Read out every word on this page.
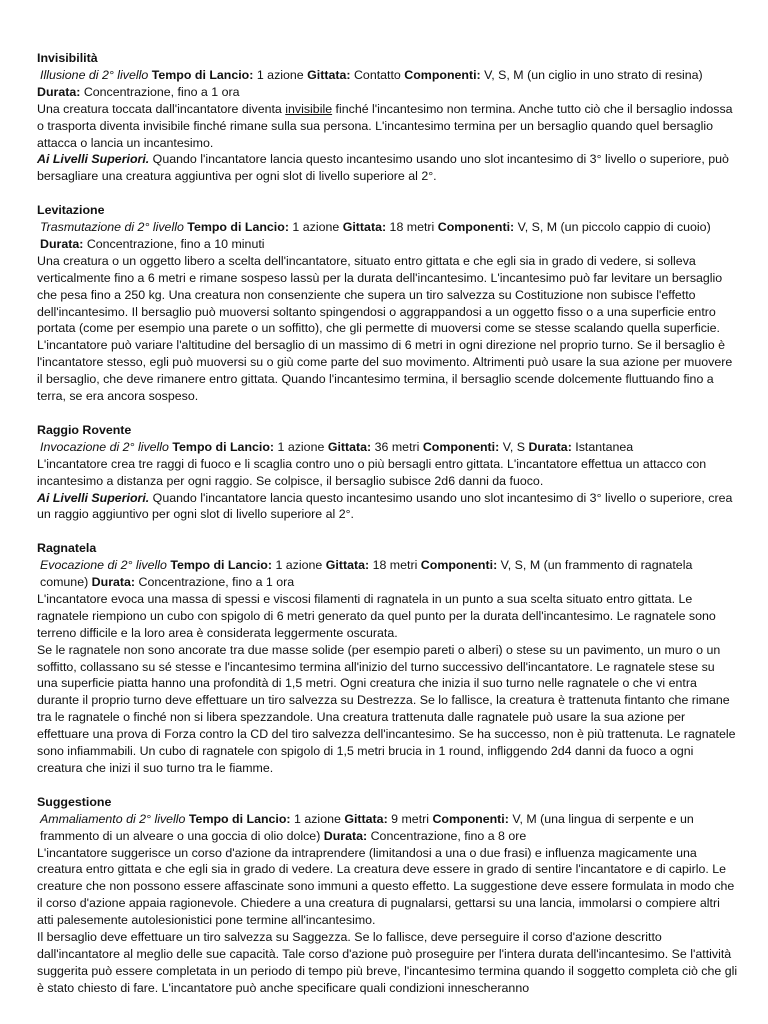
Invisibilità
Illusione di 2° livello Tempo di Lancio: 1 azione Gittata: Contatto Componenti: V, S, M (un ciglio in uno strato di resina)
Durata: Concentrazione, fino a 1 ora
Una creatura toccata dall'incantatore diventa invisibile finché l'incantesimo non termina. Anche tutto ciò che il bersaglio indossa o trasporta diventa invisibile finché rimane sulla sua persona. L'incantesimo termina per un bersaglio quando quel bersaglio attacca o lancia un incantesimo.
Ai Livelli Superiori. Quando l'incantatore lancia questo incantesimo usando uno slot incantesimo di 3° livello o superiore, può bersagliare una creatura aggiuntiva per ogni slot di livello superiore al 2°.
Levitazione
Trasmutazione di 2° livello Tempo di Lancio: 1 azione Gittata: 18 metri Componenti: V, S, M (un piccolo cappio di cuoio)
Durata: Concentrazione, fino a 10 minuti
Una creatura o un oggetto libero a scelta dell'incantatore, situato entro gittata e che egli sia in grado di vedere, si solleva verticalmente fino a 6 metri e rimane sospeso lassù per la durata dell'incantesimo. L'incantesimo può far levitare un bersaglio che pesa fino a 250 kg. Una creatura non consenziente che supera un tiro salvezza su Costituzione non subisce l'effetto dell'incantesimo. Il bersaglio può muoversi soltanto spingendosi o aggrappandosi a un oggetto fisso o a una superficie entro portata (come per esempio una parete o un soffitto), che gli permette di muoversi come se stesse scalando quella superficie. L'incantatore può variare l'altitudine del bersaglio di un massimo di 6 metri in ogni direzione nel proprio turno. Se il bersaglio è l'incantatore stesso, egli può muoversi su o giù come parte del suo movimento. Altrimenti può usare la sua azione per muovere il bersaglio, che deve rimanere entro gittata. Quando l'incantesimo termina, il bersaglio scende dolcemente fluttuando fino a terra, se era ancora sospeso.
Raggio Rovente
Invocazione di 2° livello Tempo di Lancio: 1 azione Gittata: 36 metri Componenti: V, S Durata: Istantanea
L'incantatore crea tre raggi di fuoco e li scaglia contro uno o più bersagli entro gittata. L'incantatore effettua un attacco con incantesimo a distanza per ogni raggio. Se colpisce, il bersaglio subisce 2d6 danni da fuoco.
Ai Livelli Superiori. Quando l'incantatore lancia questo incantesimo usando uno slot incantesimo di 3° livello o superiore, crea un raggio aggiuntivo per ogni slot di livello superiore al 2°.
Ragnatela
Evocazione di 2° livello Tempo di Lancio: 1 azione Gittata: 18 metri Componenti: V, S, M (un frammento di ragnatela comune) Durata: Concentrazione, fino a 1 ora
L'incantatore evoca una massa di spessi e viscosi filamenti di ragnatela in un punto a sua scelta situato entro gittata. Le ragnatele riempiono un cubo con spigolo di 6 metri generato da quel punto per la durata dell'incantesimo. Le ragnatele sono terreno difficile e la loro area è considerata leggermente oscurata.
Se le ragnatele non sono ancorate tra due masse solide (per esempio pareti o alberi) o stese su un pavimento, un muro o un soffitto, collassano su sé stesse e l'incantesimo termina all'inizio del turno successivo dell'incantatore. Le ragnatele stese su una superficie piatta hanno una profondità di 1,5 metri. Ogni creatura che inizia il suo turno nelle ragnatele o che vi entra durante il proprio turno deve effettuare un tiro salvezza su Destrezza. Se lo fallisce, la creatura è trattenuta fintanto che rimane tra le ragnatele o finché non si libera spezzandole. Una creatura trattenuta dalle ragnatele può usare la sua azione per effettuare una prova di Forza contro la CD del tiro salvezza dell'incantesimo. Se ha successo, non è più trattenuta. Le ragnatele sono infiammabili. Un cubo di ragnatele con spigolo di 1,5 metri brucia in 1 round, infliggendo 2d4 danni da fuoco a ogni creatura che inizi il suo turno tra le fiamme.
Suggestione
Ammaliamento di 2° livello Tempo di Lancio: 1 azione Gittata: 9 metri Componenti: V, M (una lingua di serpente e un frammento di un alveare o una goccia di olio dolce) Durata: Concentrazione, fino a 8 ore
L'incantatore suggerisce un corso d'azione da intraprendere (limitandosi a una o due frasi) e influenza magicamente una creatura entro gittata e che egli sia in grado di vedere. La creatura deve essere in grado di sentire l'incantatore e di capirlo. Le creature che non possono essere affascinate sono immuni a questo effetto. La suggestione deve essere formulata in modo che il corso d'azione appaia ragionevole. Chiedere a una creatura di pugnalarsi, gettarsi su una lancia, immolarsi o compiere altri atti palesemente autolesionistici pone termine all'incantesimo.
Il bersaglio deve effettuare un tiro salvezza su Saggezza. Se lo fallisce, deve perseguire il corso d'azione descritto dall'incantatore al meglio delle sue capacità. Tale corso d'azione può proseguire per l'intera durata dell'incantesimo. Se l'attività suggerita può essere completata in un periodo di tempo più breve, l'incantesimo termina quando il soggetto completa ciò che gli è stato chiesto di fare. L'incantatore può anche specificare quali condizioni innescheranno
